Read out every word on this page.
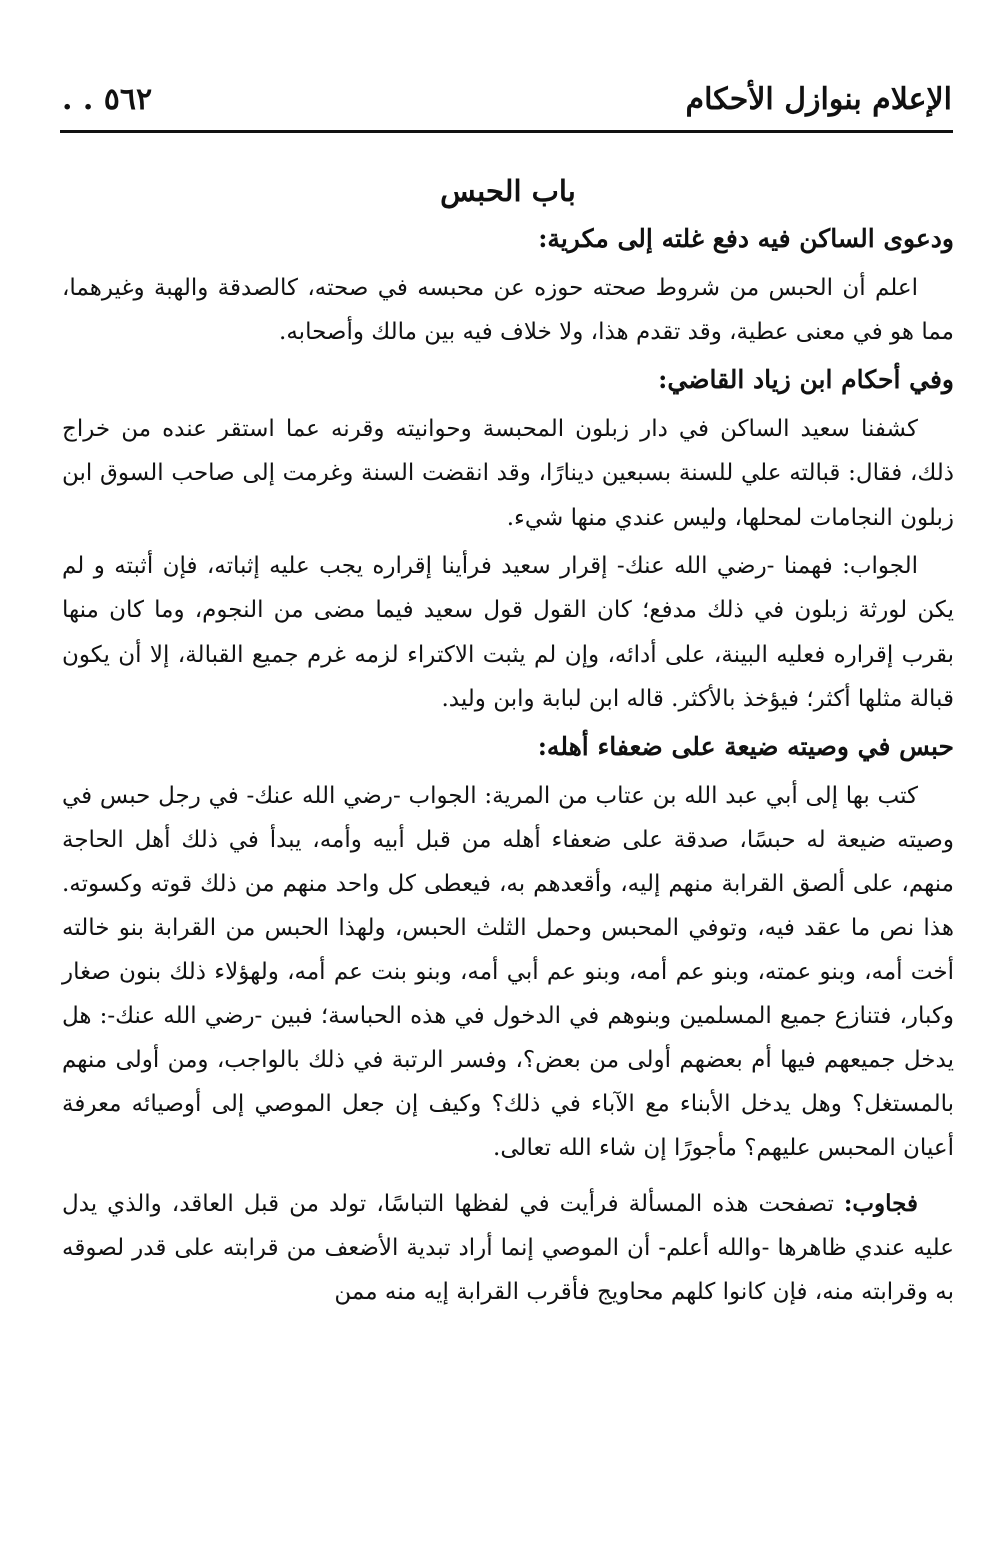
الإعلام بنوازل الأحكام
٥٦٢ . .
باب الحبس
ودعوى الساكن فيه دفع غلته إلى مكرية:

اعلم أن الحبس من شروط صحته حوزه عن محبسه في صحته، كالصدقة والهبة وغيرهما، مما هو في معنى عطية، وقد تقدم هذا، ولا خلاف فيه بين مالك وأصحابه.

وفي أحكام ابن زياد القاضي:

كشفنا سعيد الساكن في دار زبلون المحبسة وحوانيته وقرنه عما استقر عنده من خراج ذلك، فقال: قبالته علي للسنة بسبعين دينارًا، وقد انقضت السنة وغرمت إلى صاحب السوق ابن زبلون النجامات لمحلها، وليس عندي منها شيء.

الجواب: فهمنا -رضي الله عنك- إقرار سعيد فرأينا إقراره يجب عليه إثباته، فإن أثبته و لم يكن لورثة زبلون في ذلك مدفع؛ كان القول قول سعيد فيما مضى من النجوم، وما كان منها بقرب إقراره فعليه البينة، على أدائه، وإن لم يثبت الاكتراء لزمه غرم جميع القبالة، إلا أن يكون قبالة مثلها أكثر؛ فيؤخذ بالأكثر. قاله ابن لبابة وابن وليد.

حبس في وصيته ضيعة على ضعفاء أهله:

كتب بها إلى أبي عبد الله بن عتاب من المرية: الجواب -رضي الله عنك- في رجل حبس في وصيته ضيعة له حبسًا، صدقة على ضعفاء أهله من قبل أبيه وأمه، يبدأ في ذلك أهل الحاجة منهم، على ألصق القرابة منهم إليه، وأقعدهم به، فيعطى كل واحد منهم من ذلك قوته وكسوته. هذا نص ما عقد فيه، وتوفي المحبس وحمل الثلث الحبس، ولهذا الحبس من القرابة بنو خالته أخت أمه، وبنو عمته، وبنو عم أمه، وبنو عم أبي أمه، وبنو بنت عم أمه، ولهؤلاء ذلك بنون صغار وكبار، فتنازع جميع المسلمين وبنوهم في الدخول في هذه الحباسة؛ فبين -رضي الله عنك-: هل يدخل جميعهم فيها أم بعضهم أولى من بعض؟، وفسر الرتبة في ذلك بالواجب، ومن أولى منهم بالمستغل؟ وهل يدخل الأبناء مع الآباء في ذلك؟ وكيف إن جعل الموصي إلى أوصيائه معرفة أعيان المحبس عليهم؟ مأجورًا إن شاء الله تعالى.

فجاوب: تصفحت هذه المسألة فرأيت في لفظها التباسًا، تولد من قبل العاقد، والذي يدل عليه عندي ظاهرها -والله أعلم- أن الموصي إنما أراد تبدية الأضعف من قرابته على قدر لصوقه به وقرابته منه، فإن كانوا كلهم محاويج فأقرب القرابة إيه منه ممن
